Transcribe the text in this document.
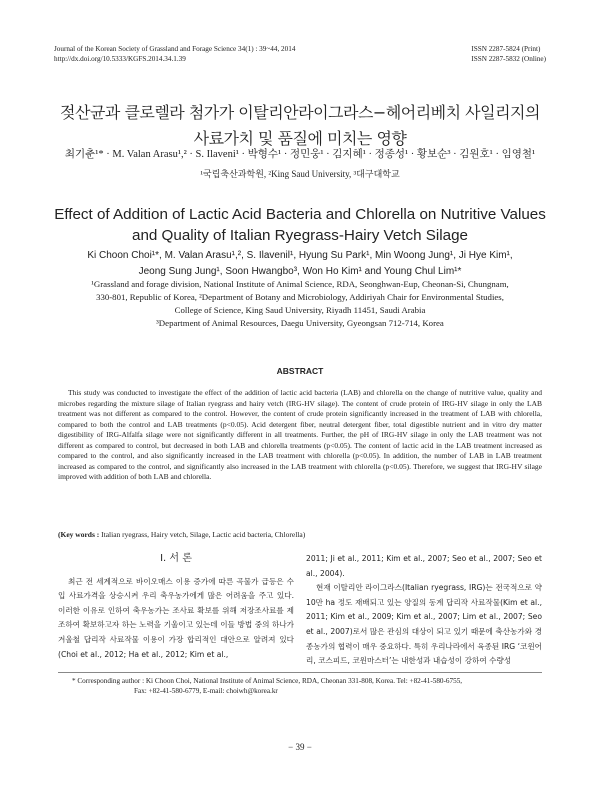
Journal of the Korean Society of Grassland and Forage Science 34(1) : 39~44, 2014
http://dx.doi.org/10.5333/KGFS.2014.34.1.39
ISSN 2287-5824 (Print)
ISSN 2287-5832 (Online)
젖산균과 클로렐라 첨가가 이탈리안라이그라스−헤어리베치 사일리지의
사료가치 및 품질에 미치는 영향
최기춘¹* · M. Valan Arasu¹,² · S. Ilaveni¹ · 박형수¹ · 정민웅¹ · 김지혜¹ · 정종성¹ · 황보순³ · 김원호¹ · 임영철¹
¹국립축산과학원, ²King Saud University, ³대구대학교
Effect of Addition of Lactic Acid Bacteria and Chlorella on Nutritive Values
and Quality of Italian Ryegrass-Hairy Vetch Silage
Ki Choon Choi¹*, M. Valan Arasu¹,², S. Ilavenil¹, Hyung Su Park¹, Min Woong Jung¹, Ji Hye Kim¹,
Jeong Sung Jung¹, Soon Hwangbo³, Won Ho Kim¹ and Young Chul Lim¹*
¹Grassland and forage division, National Institute of Animal Science, RDA, Seonghwan-Eup, Cheonan-Si, Chungnam,
330-801, Republic of Korea, ²Department of Botany and Microbiology, Addiriyah Chair for Environmental Studies,
College of Science, King Saud University, Riyadh 11451, Saudi Arabia
³Department of Animal Resources, Daegu University, Gyeongsan 712-714, Korea
ABSTRACT
This study was conducted to investigate the effect of the addition of lactic acid bacteria (LAB) and chlorella on the change of nutritive value, quality and microbes regarding the mixture silage of Italian ryegrass and hairy vetch (IRG-HV silage). The content of crude protein of IRG-HV silage in only the LAB treatment was not different as compared to the control. However, the content of crude protein significantly increased in the treatment of LAB with chlorella, compared to both the control and LAB treatments (p<0.05). Acid detergent fiber, neutral detergent fiber, total digestible nutrient and in vitro dry matter digestibility of IRG-Alfalfa silage were not significantly different in all treatments. Further, the pH of IRG-HV silage in only the LAB treatment was not different as compared to control, but decreased in both LAB and chlorella treatments (p<0.05). The content of lactic acid in the LAB treatment increased as compared to the control, and also significantly increased in the LAB treatment with chlorella (p<0.05). In addition, the number of LAB in LAB treatment increased as compared to the control, and significantly also increased in the LAB treatment with chlorella (p<0.05). Therefore, we suggest that IRG-HV silage improved with addition of both LAB and chlorella.
(Key words : Italian ryegrass, Hairy vetch, Silage, Lactic acid bacteria, Chlorella)
Ⅰ. 서 론

최근 전 세계적으로 바이오매스 이용 증가에 따른 곡물가 급등은 수입 사료가격을 상승시켜 우리 축우농가에게 많은 어려움을 주고 있다. 이러한 이유로 인하여 축우농가는 조사료 확보를 위해 저장조사료를 제조하여 확보하고자 하는 노력을 기울이고 있는데 이들 방법 중의 하나가 겨울철 답리작 사료작물 이용이 가장 합리적인 대안으로 알려져 있다(Choi et al., 2012; Ha et al., 2012; Kim et al.,

2011; Ji et al., 2011; Kim et al., 2007; Seo et al., 2007; Seo et al., 2004).

현재 이탈리안 라이그라스(Italian ryegrass, IRG)는 전국적으로 약 10만 ha 정도 재배되고 있는 양질의 동계 답리작 사료작물(Kim et al., 2011; Kim et al., 2009; Kim et al., 2007; Lim et al., 2007; Seo et al., 2007)로서 많은 관심의 대상이 되고 있기 때문에 축산농가와 경종농가의 협력이 매우 중요하다. 특히 우리나라에서 육종된 IRG ‘코윈어리, 코스피드, 코윈마스터’는 내한성과 내습성이 강하여 수량성

* Corresponding author : Ki Choon Choi, National Institute of Animal Science, RDA, Cheonan 331-808, Korea. Tel: +82-41-580-6755,
Fax: +82-41-580-6779, E-mail: choiwh@korea.kr
− 39 −
